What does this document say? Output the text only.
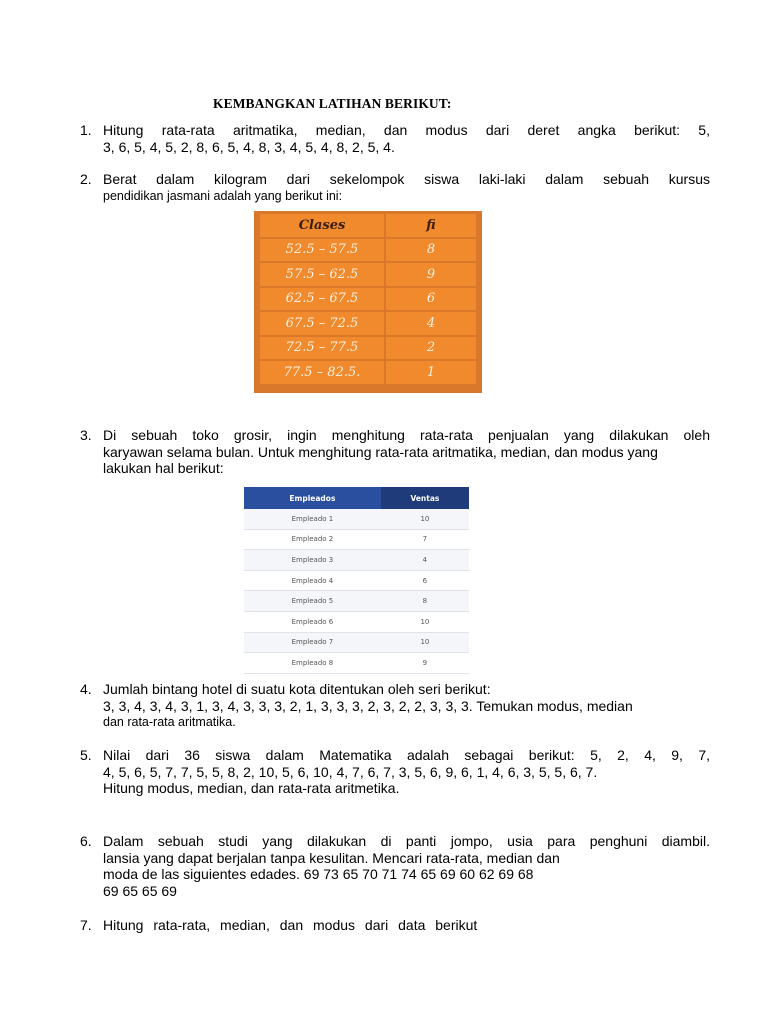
KEMBANGKAN LATIHAN BERIKUT:
1. Hitung rata-rata aritmatika, median, dan modus dari deret angka berikut: 5,
3, 6, 5, 4, 5, 2, 8, 6, 5, 4, 8, 3, 4, 5, 4, 8, 2, 5, 4.
2. Berat dalam kilogram dari sekelompok siswa laki-laki dalam sebuah kursus
pendidikan jasmani adalah yang berikut ini:
Clases	fi
52.5 – 57.5	8
57.5 – 62.5	9
62.5 – 67.5	6
67.5 – 72.5	4
72.5 – 77.5	2
77.5 – 82.5.	1
3. Di sebuah toko grosir, ingin menghitung rata-rata penjualan yang dilakukan oleh
karyawan selama bulan. Untuk menghitung rata-rata aritmatika, median, dan modus yang
lakukan hal berikut:
Empleados	Ventas
Empleado 1	10
Empleado 2	7
Empleado 3	4
Empleado 4	6
Empleado 5	8
Empleado 6	10
Empleado 7	10
Empleado 8	9
4. Jumlah bintang hotel di suatu kota ditentukan oleh seri berikut:
3, 3, 4, 3, 4, 3, 1, 3, 4, 3, 3, 3, 2, 1, 3, 3, 3, 2, 3, 2, 2, 3, 3, 3. Temukan modus, median
dan rata-rata aritmatika.
5. Nilai dari 36 siswa dalam Matematika adalah sebagai berikut: 5, 2, 4, 9, 7,
4, 5, 6, 5, 7, 7, 5, 5, 8, 2, 10, 5, 6, 10, 4, 7, 6, 7, 3, 5, 6, 9, 6, 1, 4, 6, 3, 5, 5, 6, 7.
Hitung modus, median, dan rata-rata aritmetika.
6. Dalam sebuah studi yang dilakukan di panti jompo, usia para penghuni diambil.
lansia yang dapat berjalan tanpa kesulitan. Mencari rata-rata, median dan
moda de las siguientes edades. 69 73 65 70 71 74 65 69 60 62 69 68
69 65 65 69
7. Hitung rata-rata, median, dan modus dari data berikut
